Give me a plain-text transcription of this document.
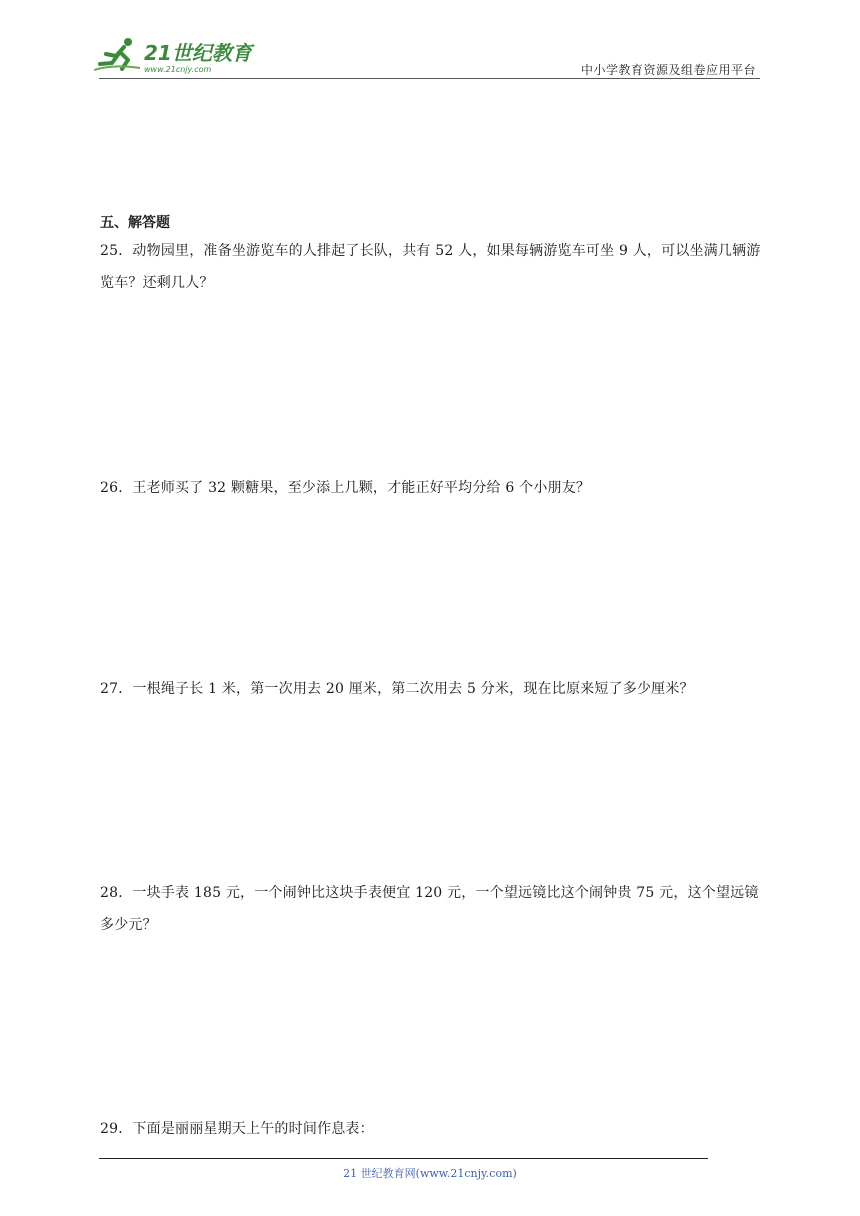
21世纪教育
www.21cnjy.com	中小学教育资源及组卷应用平台
五、解答题
25．动物园里，准备坐游览车的人排起了长队，共有 52 人，如果每辆游览车可坐 9 人，可以坐满几辆游览车？还剩几人？
26．王老师买了 32 颗糖果，至少添上几颗，才能正好平均分给 6 个小朋友？
27．一根绳子长 1 米，第一次用去 20 厘米，第二次用去 5 分米，现在比原来短了多少厘米？
28．一块手表 185 元，一个闹钟比这块手表便宜 120 元，一个望远镜比这个闹钟贵 75 元，这个望远镜多少元？
29．下面是丽丽星期天上午的时间作息表：
21 世纪教育网(www.21cnjy.com)
